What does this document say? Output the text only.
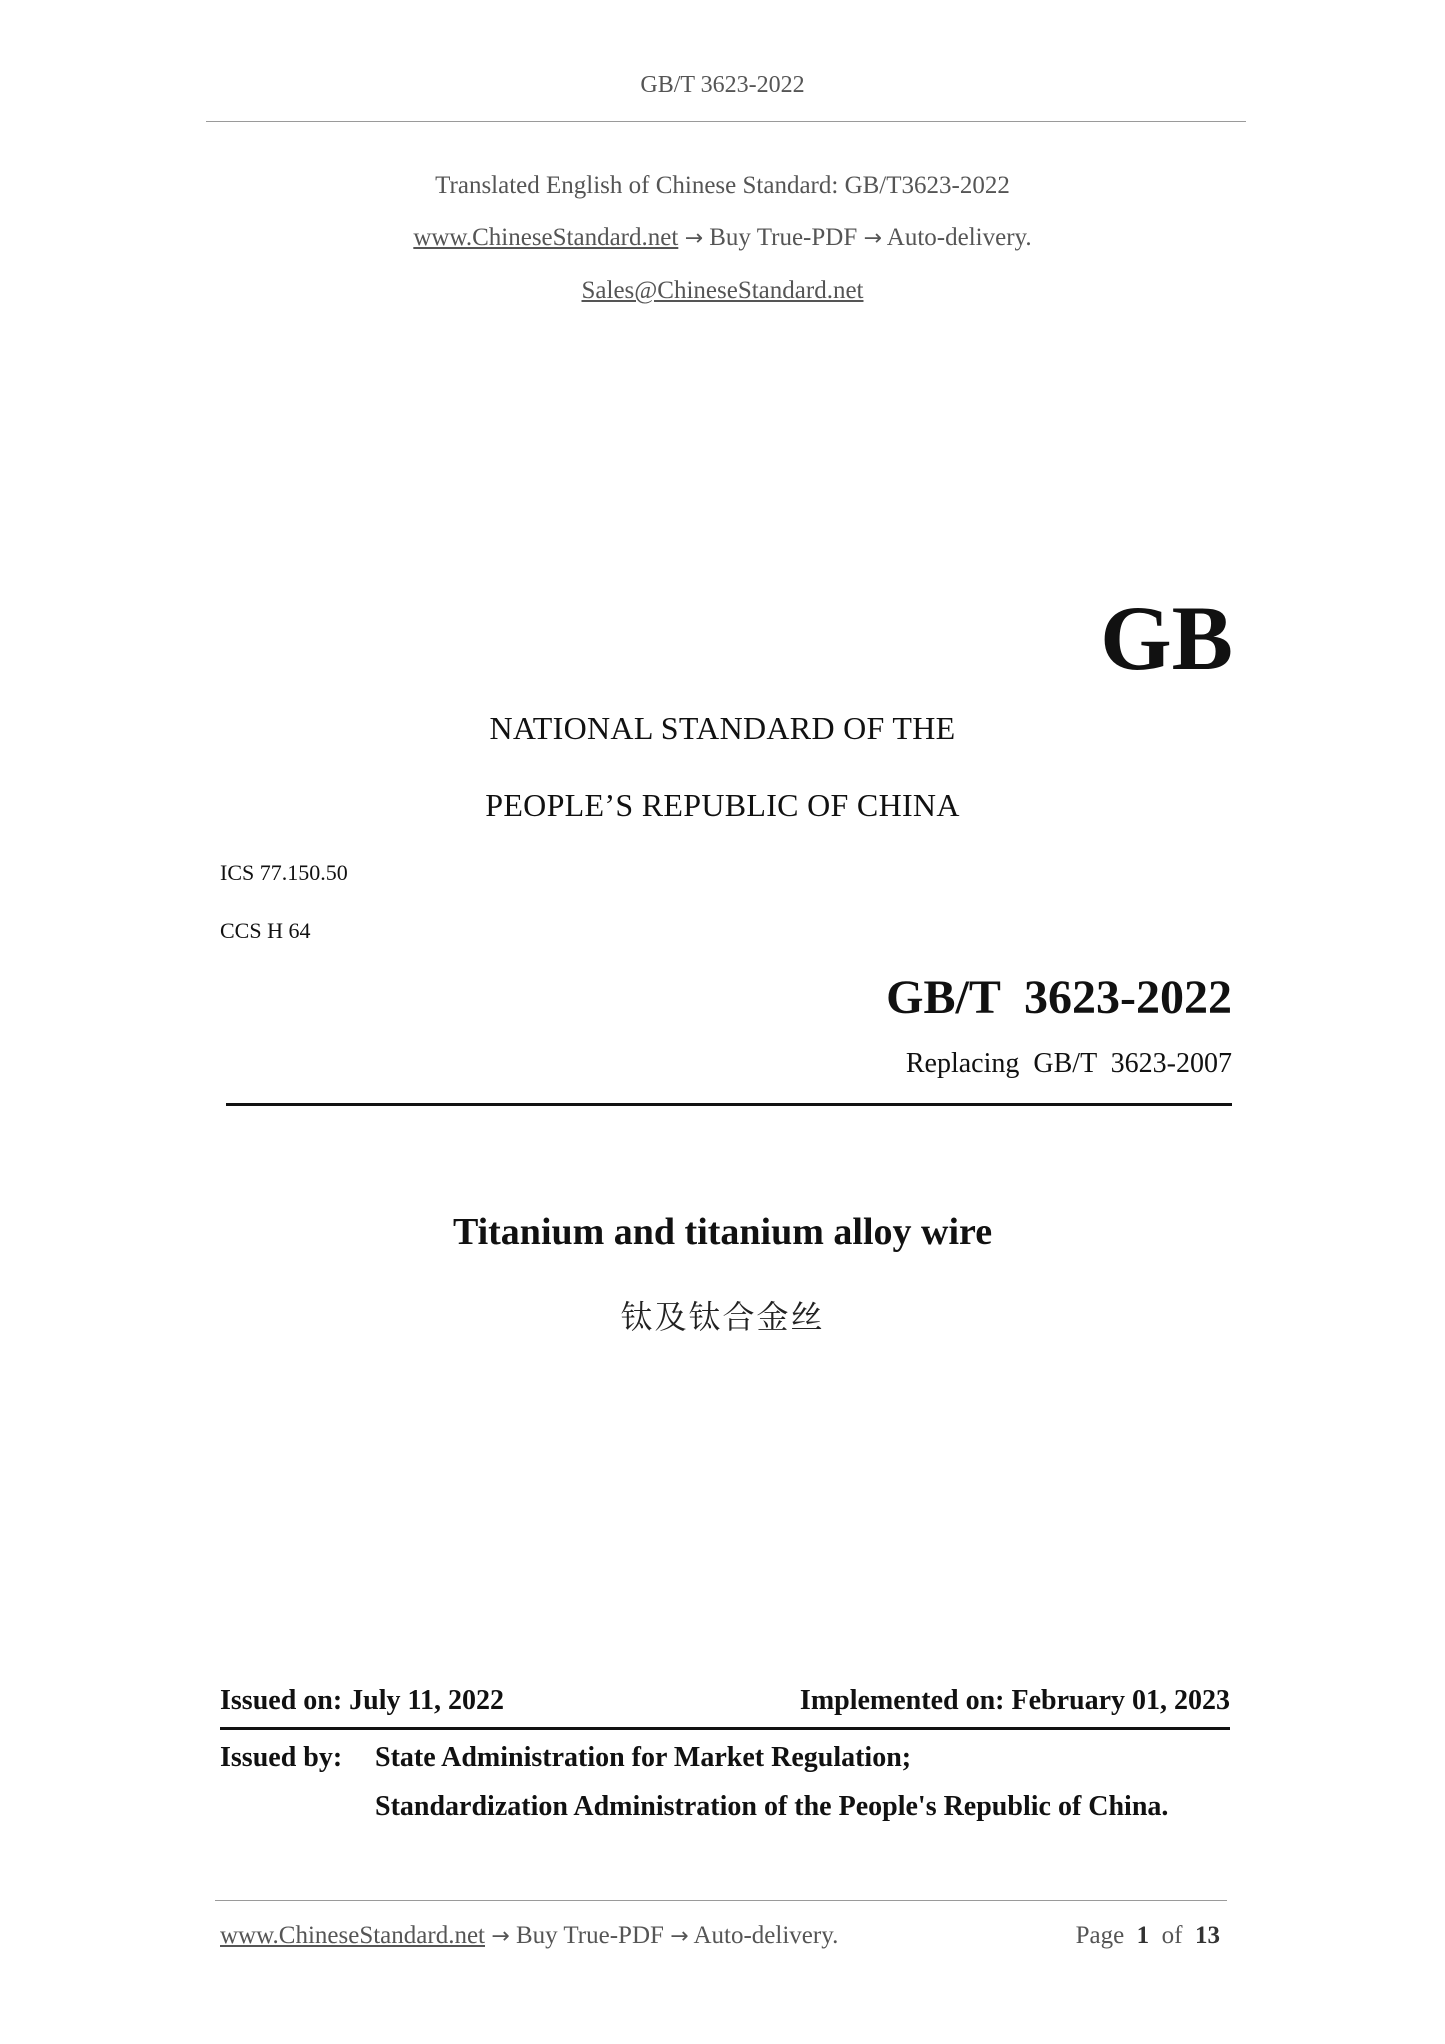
GB/T 3623-2022
Translated English of Chinese Standard: GB/T3623-2022
www.ChineseStandard.net → Buy True-PDF → Auto-delivery.
Sales@ChineseStandard.net
GB
NATIONAL STANDARD OF THE
PEOPLE’S REPUBLIC OF CHINA
ICS 77.150.50
CCS H 64
GB/T  3623-2022
Replacing  GB/T  3623-2007
Titanium and titanium alloy wire
钛及钛合金丝
Issued on: July 11, 2022	Implemented on: February 01, 2023
Issued by: State Administration for Market Regulation;
Standardization Administration of the People's Republic of China.
www.ChineseStandard.net → Buy True-PDF → Auto-delivery.	Page 1 of 13
